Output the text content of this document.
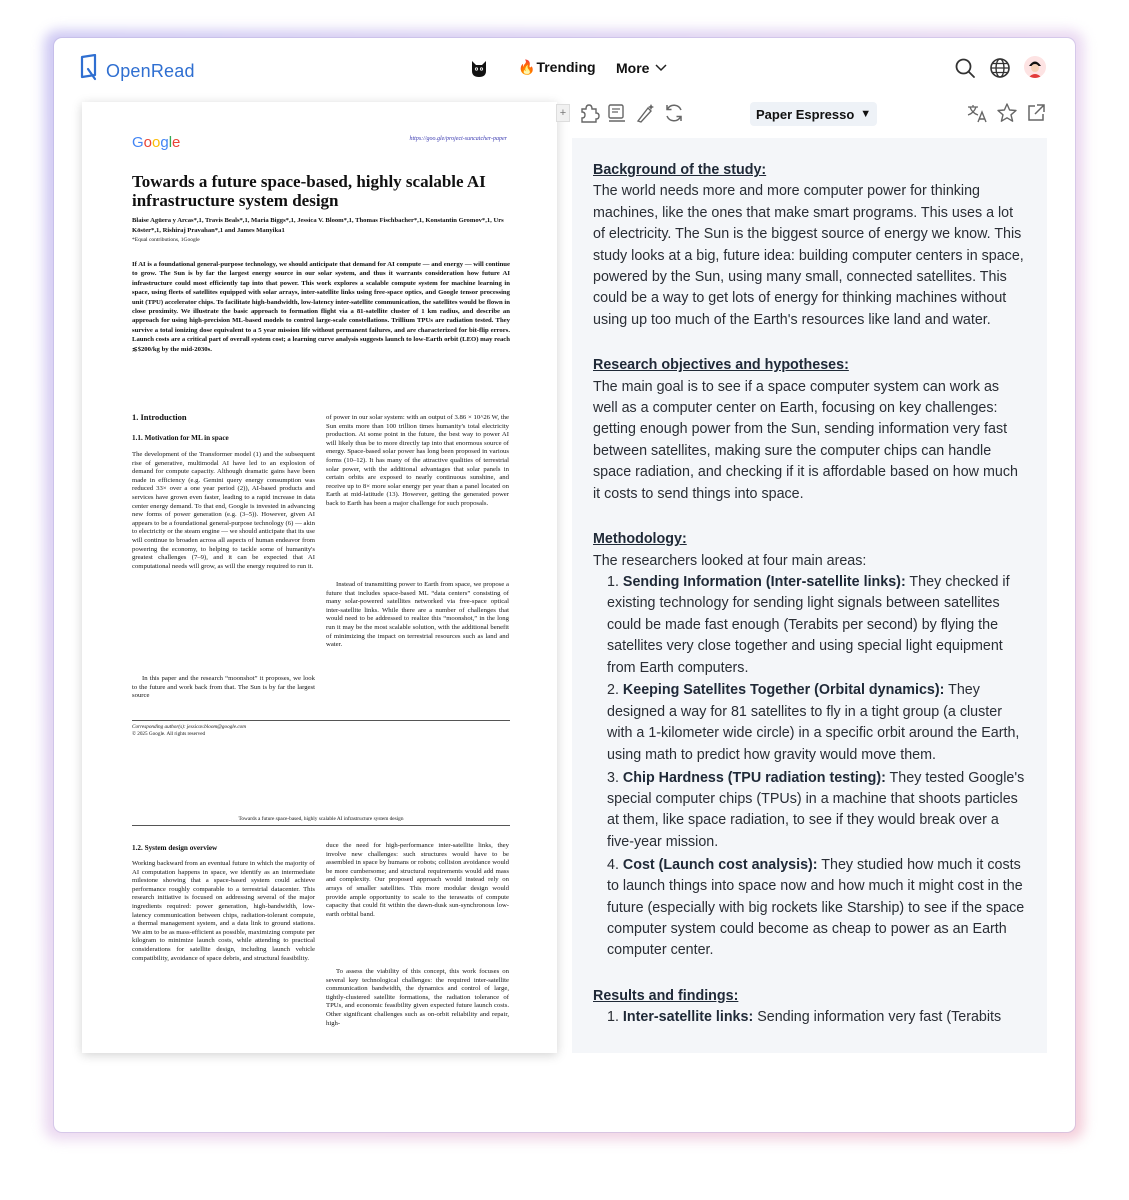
OpenRead	🔥Trending More
Google	https://goo.gle/project-suncatcher-paper
Towards a future space-based, highly scalable AI infrastructure system design
Blaise Agüera y Arcas*,1, Travis Beals*,1, Maria Biggs*,1, Jessica V. Bloom*,1, Thomas Fischbacher*,1, Konstantin Gromov*,1, Urs Köster*,1, Rishiraj Pravahan*,1 and James Manyika1
*Equal contributions, 1Google
If AI is a foundational general-purpose technology, we should anticipate that demand for AI compute — and energy — will continue to grow. The Sun is by far the largest energy source in our solar system, and thus it warrants consideration how future AI infrastructure could most efficiently tap into that power. This work explores a scalable compute system for machine learning in space, using fleets of satellites equipped with solar arrays, inter-satellite links using free-space optics, and Google tensor processing unit (TPU) accelerator chips. To facilitate high-bandwidth, low-latency inter-satellite communication, the satellites would be flown in close proximity. We illustrate the basic approach to formation flight via a 81-satellite cluster of 1 km radius, and describe an approach for using high-precision ML-based models to control large-scale constellations. Trillium TPUs are radiation tested. They survive a total ionizing dose equivalent to a 5 year mission life without permanent failures, and are characterized for bit-flip errors. Launch costs are a critical part of overall system cost; a learning curve analysis suggests launch to low-Earth orbit (LEO) may reach ≲$200/kg by the mid-2030s.
1. Introduction
1.1. Motivation for ML in space
The development of the Transformer model (1) and the subsequent rise of generative, multimodal AI have led to an explosion of demand for compute capacity. Although dramatic gains have been made in efficiency (e.g. Gemini query energy consumption was reduced 33× over a one year period (2)), AI-based products and services have grown even faster, leading to a rapid increase in data center energy demand. To that end, Google is invested in advancing new forms of power generation (e.g. (3–5)). However, given AI appears to be a foundational general-purpose technology (6) — akin to electricity or the steam engine — we should anticipate that its use will continue to broaden across all aspects of human endeavor from powering the economy, to helping to tackle some of humanity's greatest challenges (7–9), and it can be expected that AI computational needs will grow, as will the energy required to run it.
In this paper and the research “moonshot” it proposes, we look to the future and work back from that. The Sun is by far the largest source
of power in our solar system: with an output of 3.86 × 10^26 W, the Sun emits more than 100 trillion times humanity's total electricity production. At some point in the future, the best way to power AI will likely thus be to more directly tap into that enormous source of energy. Space-based solar power has long been proposed in various forms (10–12). It has many of the attractive qualities of terrestrial solar power, with the additional advantages that solar panels in certain orbits are exposed to nearly continuous sunshine, and receive up to 8× more solar energy per year than a panel located on Earth at mid-latitude (13). However, getting the generated power back to Earth has been a major challenge for such proposals.
Instead of transmitting power to Earth from space, we propose a future that includes space-based ML “data centers” consisting of many solar-powered satellites networked via free-space optical inter-satellite links. While there are a number of challenges that would need to be addressed to realize this “moonshot,” in the long run it may be the most scalable solution, with the additional benefit of minimizing the impact on terrestrial resources such as land and water.
Corresponding author(s): jessicav.bloom@google.com
© 2025 Google. All rights reserved
Towards a future space-based, highly scalable AI infrastructure system design
1.2. System design overview
Working backward from an eventual future in which the majority of AI computation happens in space, we identify as an intermediate milestone showing that a space-based system could achieve performance roughly comparable to a terrestrial datacenter. This research initiative is focused on addressing several of the major ingredients required: power generation, high-bandwidth, low-latency communication between chips, radiation-tolerant compute, a thermal management system, and a data link to ground stations. We aim to be as mass-efficient as possible, maximizing compute per kilogram to minimize launch costs, while attending to practical considerations for satellite design, including launch vehicle compatibility, avoidance of space debris, and structural feasibility.
duce the need for high-performance inter-satellite links, they involve new challenges: such structures would have to be assembled in space by humans or robots; collision avoidance would be more cumbersome; and structural requirements would add mass and complexity. Our proposed approach would instead rely on arrays of smaller satellites. This more modular design would provide ample opportunity to scale to the terawatts of compute capacity that could fit within the dawn-dusk sun-synchronous low-earth orbital band.
To assess the viability of this concept, this work focuses on several key technological challenges: the required inter-satellite communication bandwidth, the dynamics and control of large, tightly-clustered satellite formations, the radiation tolerance of TPUs, and economic feasibility given expected future launch costs. Other significant challenges such as on-orbit reliability and repair, high-
+	Paper Espresso ▼
Background of the study:
The world needs more and more computer power for thinking machines, like the ones that make smart programs. This uses a lot of electricity. The Sun is the biggest source of energy we know. This study looks at a big, future idea: building computer centers in space, powered by the Sun, using many small, connected satellites. This could be a way to get lots of energy for thinking machines without using up too much of the Earth's resources like land and water.
Research objectives and hypotheses:
The main goal is to see if a space computer system can work as well as a computer center on Earth, focusing on key challenges: getting enough power from the Sun, sending information very fast between satellites, making sure the computer chips can handle space radiation, and checking if it is affordable based on how much it costs to send things into space.
Methodology:
The researchers looked at four main areas:
1. Sending Information (Inter-satellite links): They checked if existing technology for sending light signals between satellites could be made fast enough (Terabits per second) by flying the satellites very close together and using special light equipment from Earth computers.
2. Keeping Satellites Together (Orbital dynamics): They designed a way for 81 satellites to fly in a tight group (a cluster with a 1-kilometer wide circle) in a specific orbit around the Earth, using math to predict how gravity would move them.
3. Chip Hardness (TPU radiation testing): They tested Google's special computer chips (TPUs) in a machine that shoots particles at them, like space radiation, to see if they would break over a five-year mission.
4. Cost (Launch cost analysis): They studied how much it costs to launch things into space now and how much it might cost in the future (especially with big rockets like Starship) to see if the space computer system could become as cheap to power as an Earth computer center.
Results and findings:
1. Inter-satellite links: Sending information very fast (Terabits
